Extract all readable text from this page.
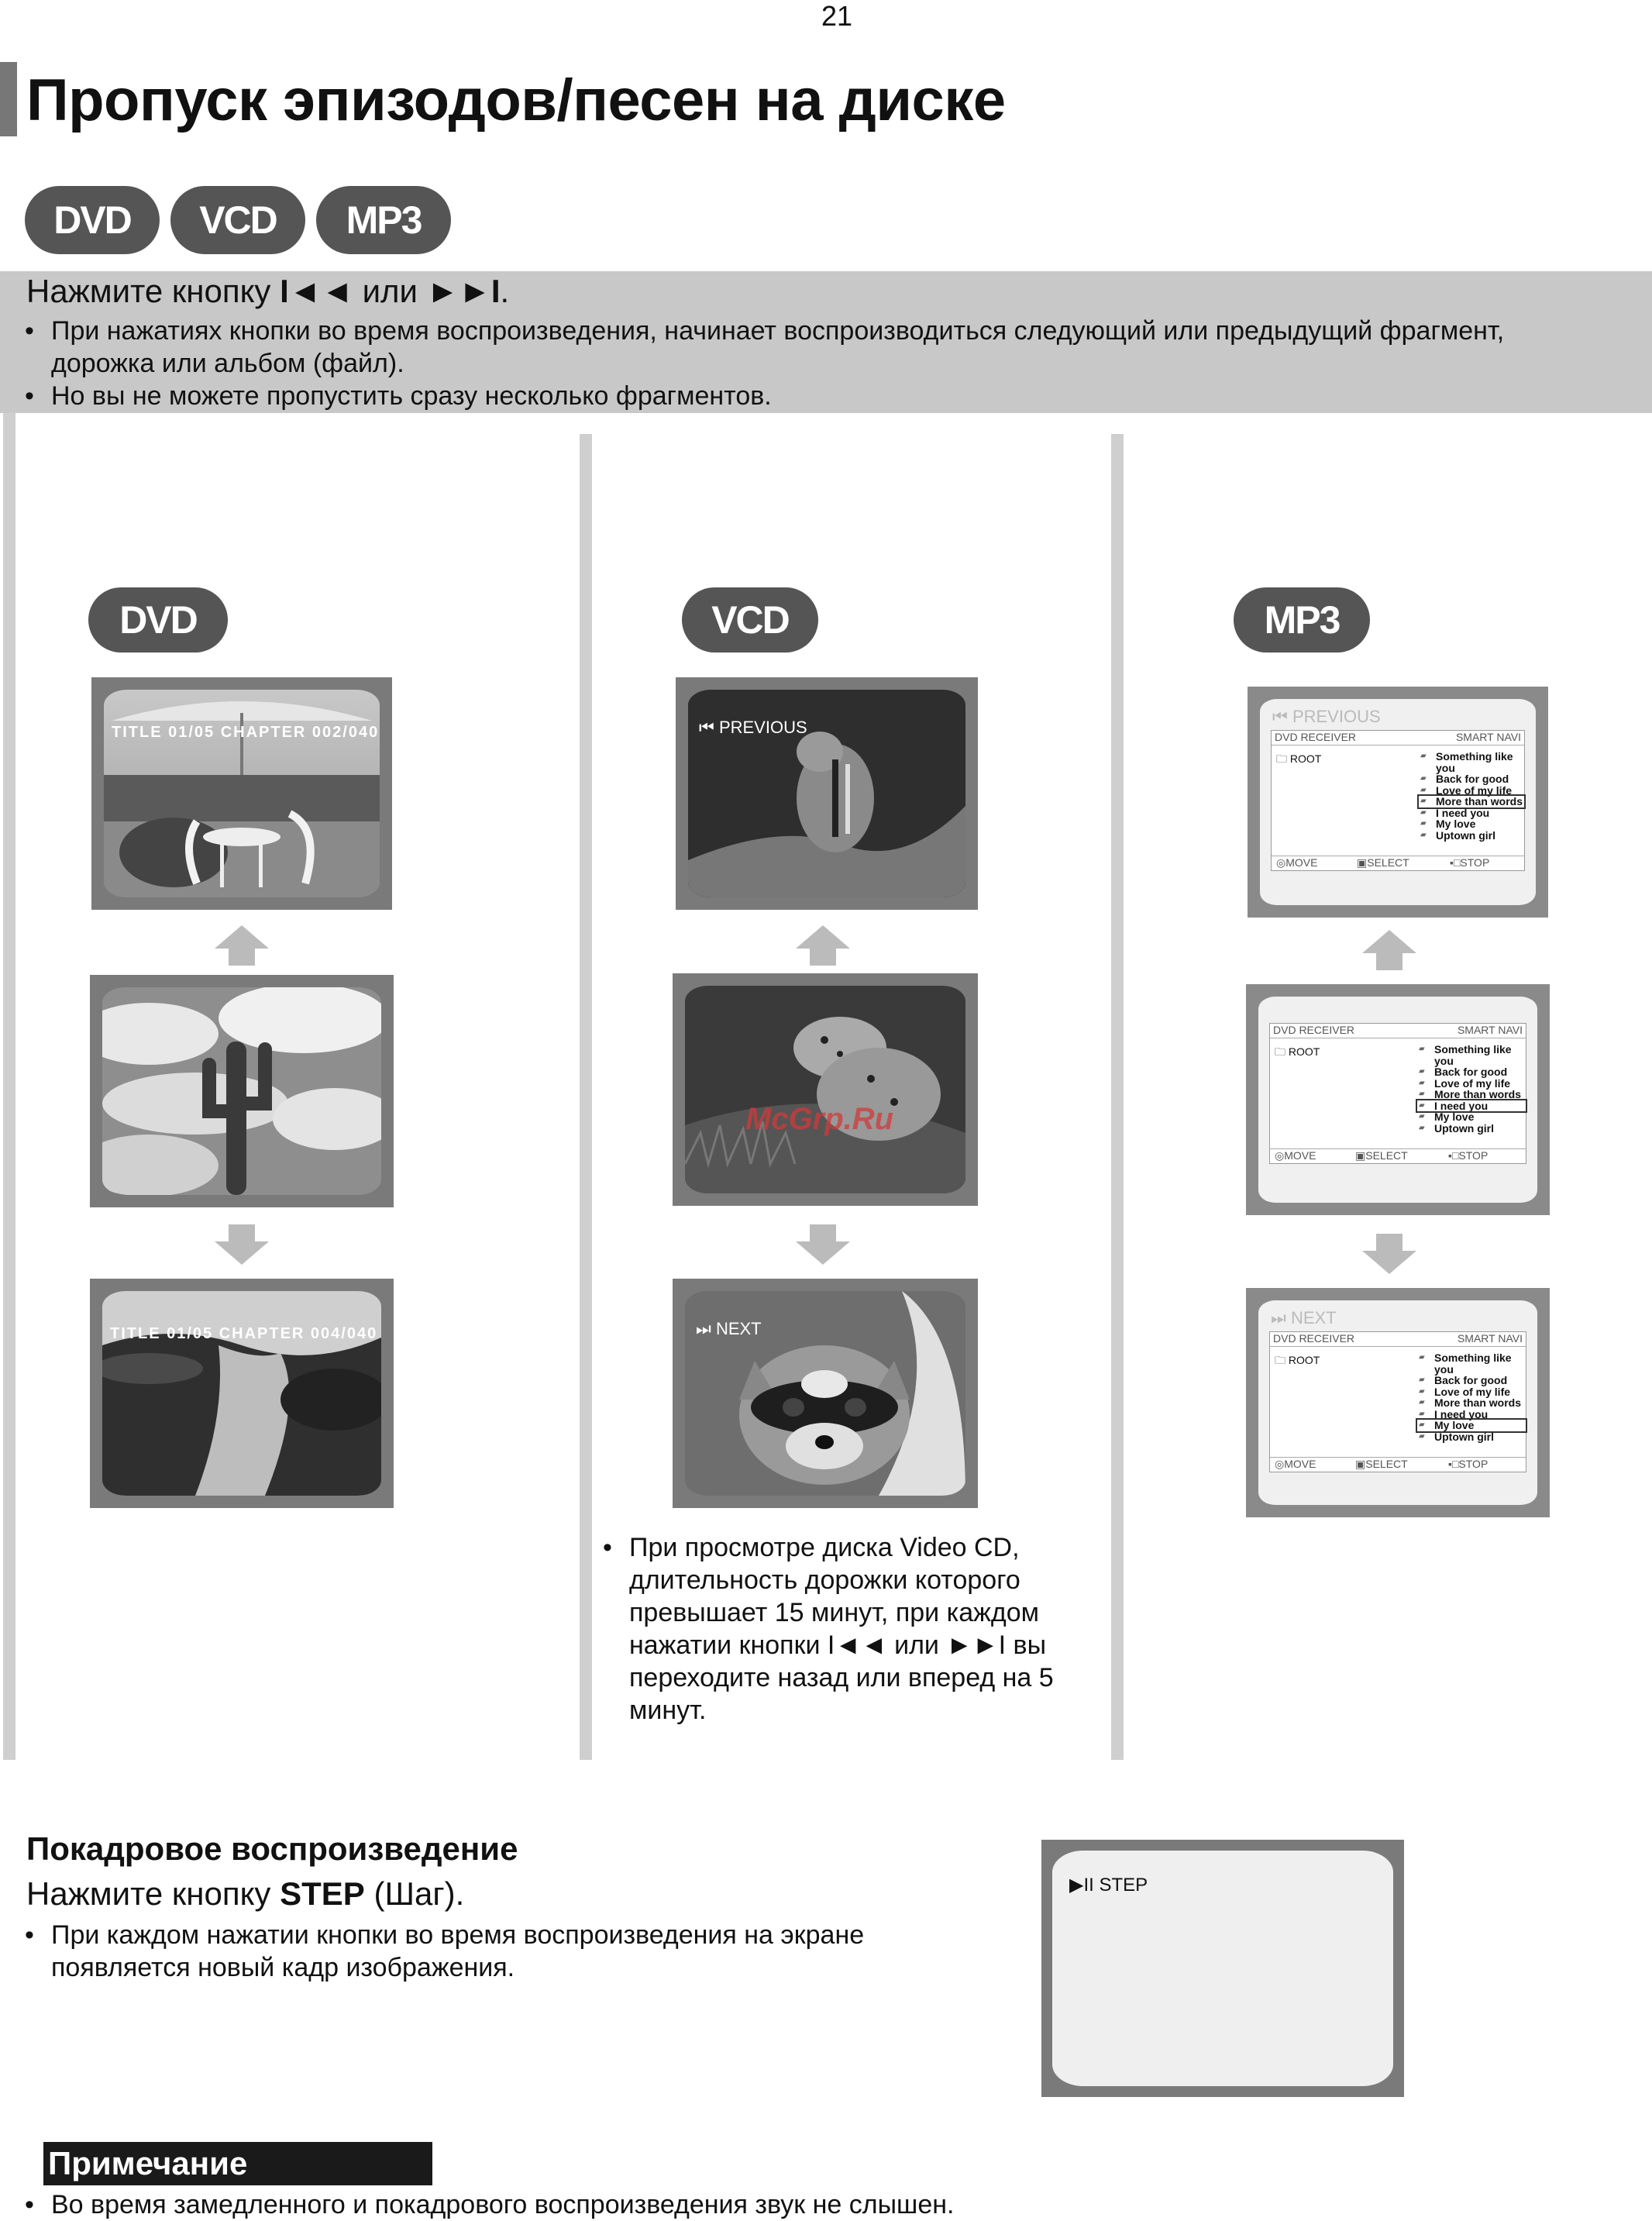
21
Пропуск эпизодов/песен на диске
DVD	VCD	MP3
Нажмите кнопку I◄◄ или ►►I.
• При нажатиях кнопки во время воспроизведения, начинает воспроизводиться следующий или предыдущий фрагмент,
дорожка или альбом (файл).
• Но вы не можете пропустить сразу несколько фрагментов.
DVD
TITLE 01/05 CHAPTER 002/040
TITLE 01/05 CHAPTER 004/040
VCD
⏮ PREVIOUS
McGrp.Ru
⏭ NEXT
• При просмотре диска Video CD,
длительность дорожки которого
превышает 15 минут, при каждом
нажатии кнопки I◄◄ или ►►I вы
переходите назад или вперед на 5
минут.
MP3
⏮ PREVIOUS
DVD RECEIVER	SMART NAVI
🗀 ROOT	▰ Something like you
▰ Back for good
▰ Love of my life
▰ More than words
▰ I need you
▰ My love
▰ Uptown girl
◎MOVE	▣SELECT	▪□STOP
DVD RECEIVER	SMART NAVI
🗀 ROOT	▰ Something like you
▰ Back for good
▰ Love of my life
▰ More than words
▰ I need you
▰ My love
▰ Uptown girl
◎MOVE	▣SELECT	▪□STOP
⏭ NEXT
DVD RECEIVER	SMART NAVI
🗀 ROOT	▰ Something like you
▰ Back for good
▰ Love of my life
▰ More than words
▰ I need you
▰ My love
▰ Uptown girl
◎MOVE	▣SELECT	▪□STOP
Покадровое воспроизведение
Нажмите кнопку STEP (Шаг).
• При каждом нажатии кнопки во время воспроизведения на экране
появляется новый кадр изображения.
▶II STEP
Примечание
• Во время замедленного и покадрового воспроизведения звук не слышен.
